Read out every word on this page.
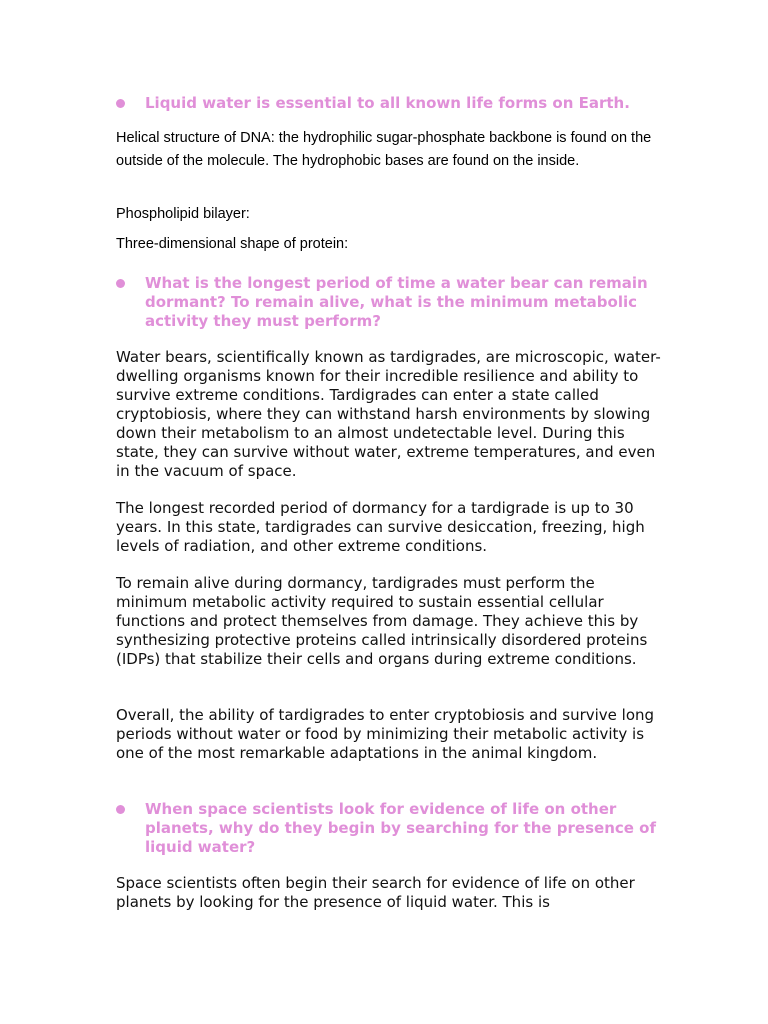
Liquid water is essential to all known life forms on Earth.
Helical structure of DNA: the hydrophilic sugar-phosphate backbone is found on the outside of the molecule. The hydrophobic bases are found on the inside.
Phospholipid bilayer:
Three-dimensional shape of protein:
What is the longest period of time a water bear can remain dormant? To remain alive, what is the minimum metabolic activity they must perform?
Water bears, scientifically known as tardigrades, are microscopic, water-dwelling organisms known for their incredible resilience and ability to survive extreme conditions. Tardigrades can enter a state called cryptobiosis, where they can withstand harsh environments by slowing down their metabolism to an almost undetectable level. During this state, they can survive without water, extreme temperatures, and even in the vacuum of space.
The longest recorded period of dormancy for a tardigrade is up to 30 years. In this state, tardigrades can survive desiccation, freezing, high levels of radiation, and other extreme conditions.
To remain alive during dormancy, tardigrades must perform the minimum metabolic activity required to sustain essential cellular functions and protect themselves from damage. They achieve this by synthesizing protective proteins called intrinsically disordered proteins (IDPs) that stabilize their cells and organs during extreme conditions.
Overall, the ability of tardigrades to enter cryptobiosis and survive long periods without water or food by minimizing their metabolic activity is one of the most remarkable adaptations in the animal kingdom.
When space scientists look for evidence of life on other planets, why do they begin by searching for the presence of liquid water?
Space scientists often begin their search for evidence of life on other planets by looking for the presence of liquid water. This is
